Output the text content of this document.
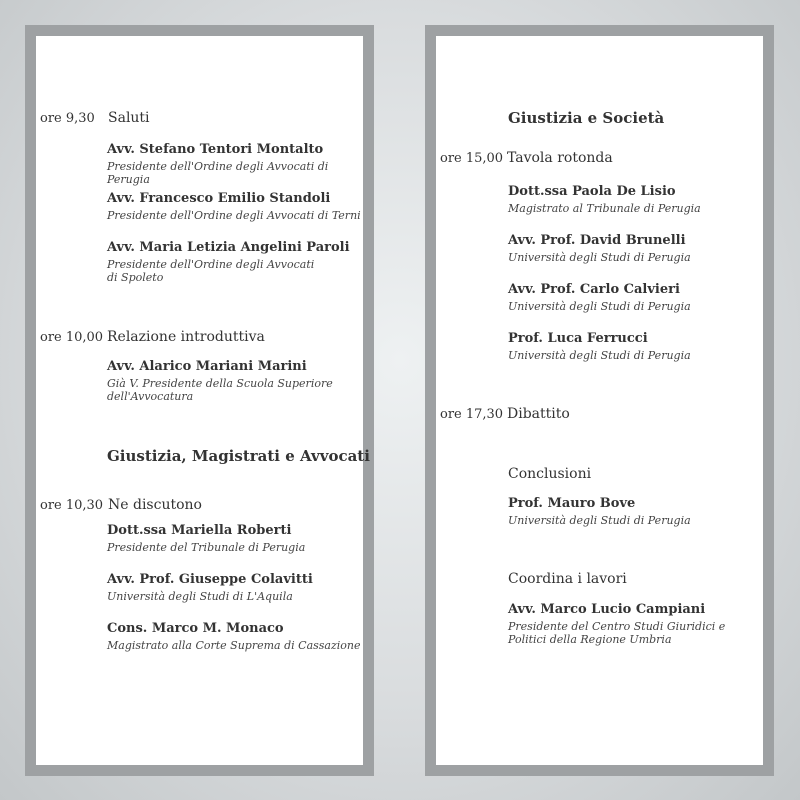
ore 9,30 Saluti
Avv. Stefano Tentori Montalto
Presidente dell'Ordine degli Avvocati di Perugia
Avv. Francesco Emilio Standoli
Presidente dell'Ordine degli Avvocati di Terni
Avv. Maria Letizia Angelini Paroli
Presidente dell'Ordine degli Avvocati di Spoleto
ore 10,00 Relazione introduttiva
Avv. Alarico Mariani Marini
Già V. Presidente della Scuola Superiore dell'Avvocatura
Giustizia, Magistrati e Avvocati
ore 10,30 Ne discutono
Dott.ssa Mariella Roberti
Presidente del Tribunale di Perugia
Avv. Prof. Giuseppe Colavitti
Università degli Studi di L'Aquila
Cons. Marco M. Monaco
Magistrato alla Corte Suprema di Cassazione
Giustizia e Società
ore 15,00 Tavola rotonda
Dott.ssa Paola De Lisio
Magistrato al Tribunale di Perugia
Avv. Prof. David Brunelli
Università degli Studi di Perugia
Avv. Prof. Carlo Calvieri
Università degli Studi di Perugia
Prof. Luca Ferrucci
Università degli Studi di Perugia
ore 17,30 Dibattito
Conclusioni
Prof. Mauro Bove
Università degli Studi di Perugia
Coordina i lavori
Avv. Marco Lucio Campiani
Presidente del Centro Studi Giuridici e Politici della Regione Umbria
